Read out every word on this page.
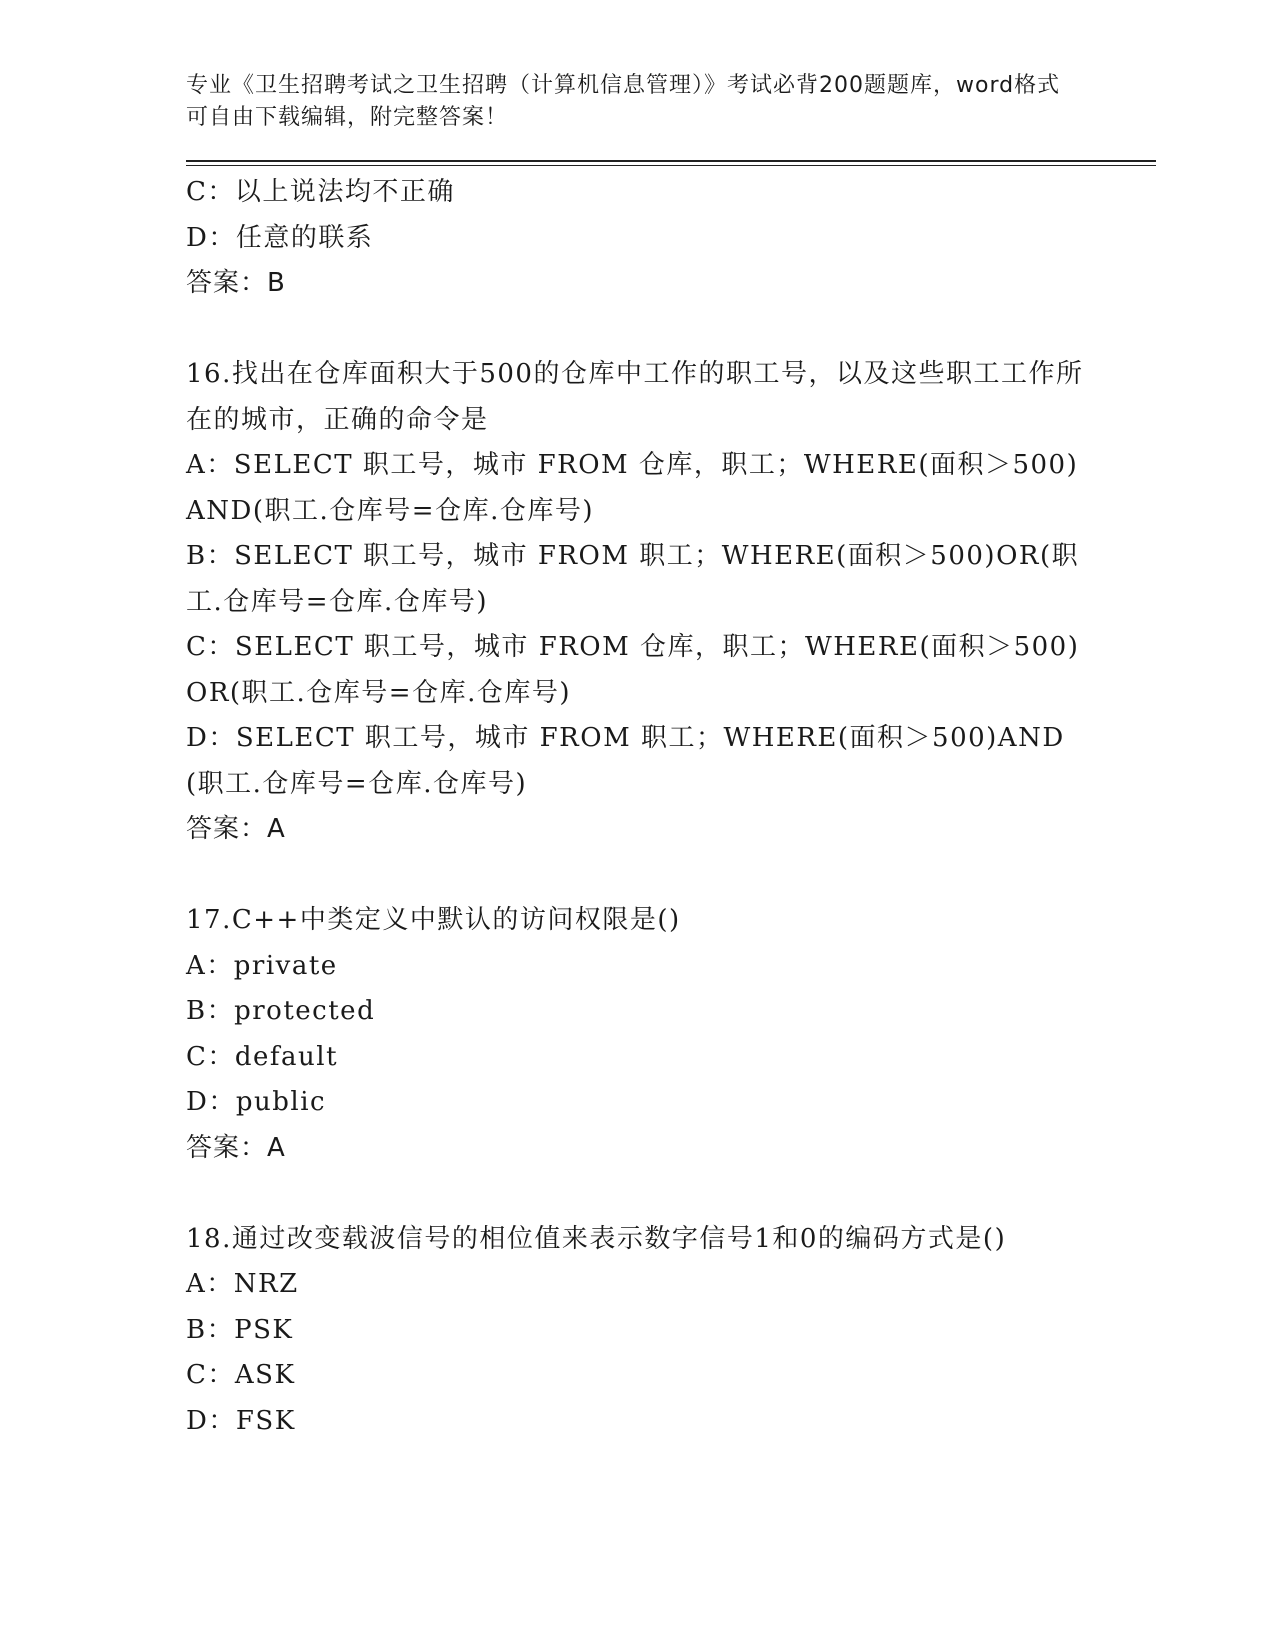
专业《卫生招聘考试之卫生招聘（计算机信息管理）》考试必背200题题库，word格式可自由下载编辑，附完整答案！
C：以上说法均不正确
D：任意的联系
答案：B
16.找出在仓库面积大于500的仓库中工作的职工号，以及这些职工工作所在的城市，正确的命令是
A：SELECT 职工号，城市 FROM 仓库，职工；WHERE(面积＞500)AND(职工.仓库号=仓库.仓库号)
B：SELECT 职工号，城市 FROM 职工；WHERE(面积＞500)OR(职工.仓库号=仓库.仓库号)
C：SELECT 职工号，城市 FROM 仓库，职工；WHERE(面积＞500)OR(职工.仓库号=仓库.仓库号)
D：SELECT 职工号，城市 FROM 职工；WHERE(面积＞500)AND(职工.仓库号=仓库.仓库号)
答案：A
17.C++中类定义中默认的访问权限是()
A：private
B：protected
C：default
D：public
答案：A
18.通过改变载波信号的相位值来表示数字信号1和0的编码方式是()
A：NRZ
B：PSK
C：ASK
D：FSK
